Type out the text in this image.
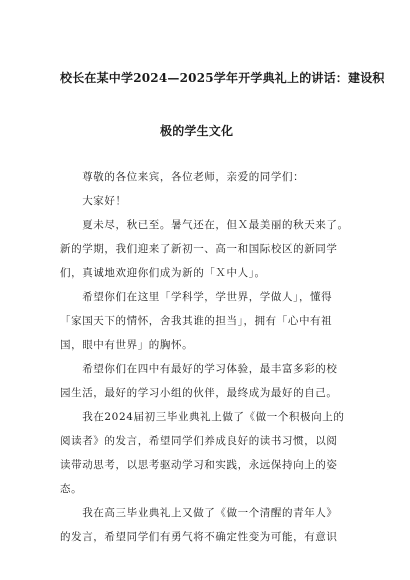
校长在某中学2024—2025学年开学典礼上的讲话：建设积
极的学生文化
　　尊敬的各位来宾，各位老师，亲爱的同学们：
　　大家好！
　　夏未尽，秋已至。暑气还在，但Ｘ最美丽的秋天来了。
新的学期，我们迎来了新初一、高一和国际校区的新同学
们，真诚地欢迎你们成为新的「Ｘ中人」。
　　希望你们在这里「学科学，学世界，学做人」，懂得
「家国天下的情怀，舍我其谁的担当」，拥有「心中有祖
国，眼中有世界」的胸怀。
　　希望你们在四中有最好的学习体验，最丰富多彩的校
园生活，最好的学习小组的伙伴，最终成为最好的自己。
　　我在2024届初三毕业典礼上做了《做一个积极向上的
阅读者》的发言，希望同学们养成良好的读书习惯，以阅
读带动思考，以思考驱动学习和实践，永远保持向上的姿
态。
　　我在高三毕业典礼上又做了《做一个清醒的青年人》
的发言，希望同学们有勇气将不确定性变为可能，有意识
